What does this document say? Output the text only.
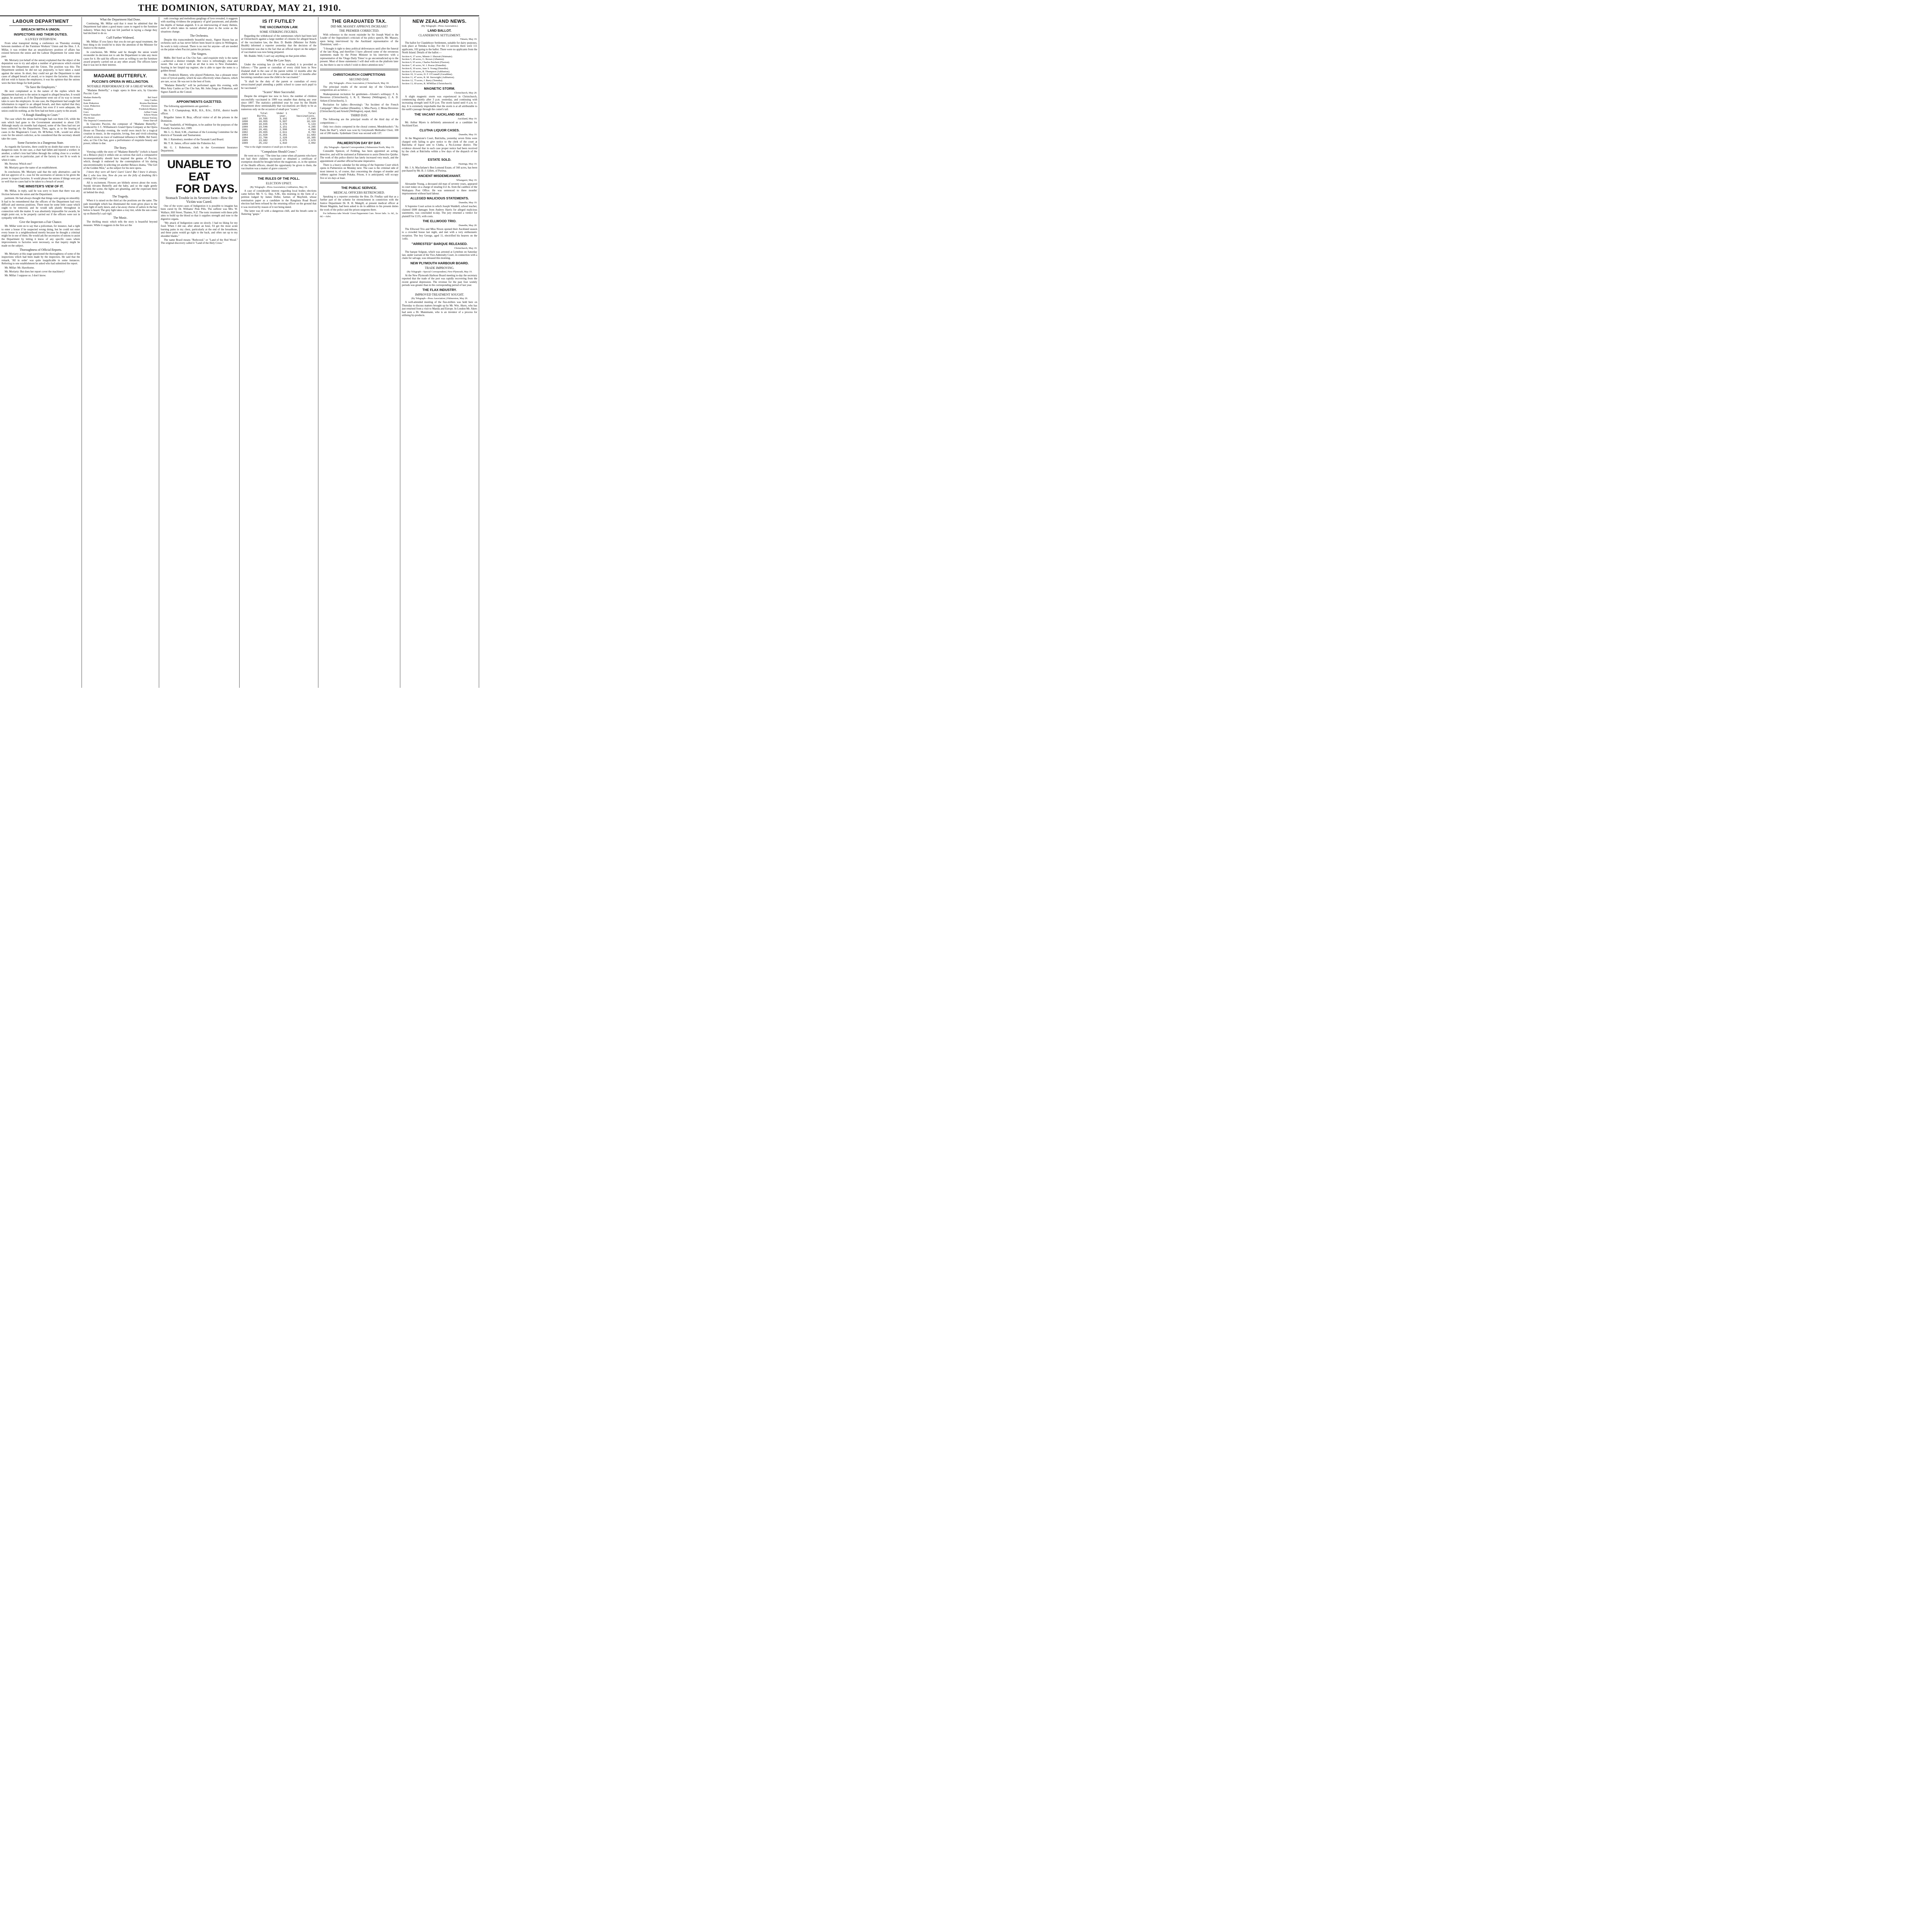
THE DOMINION, SATURDAY, MAY 21, 1910.
LABOUR DEPARTMENT
BREACH WITH A UNION.
INSPECTORS AND THEIR DUTIES.
A LIVELY INTERVIEW.

From what transpired during a conference on Thursday evening between members of the Furniture Workers' Union and the Hon. J. A. Millar, it was evident that an unsatisfactory position of affairs has existed between the union and the Labour Department for some time past.

Mr. Moriarty (on behalf of the union) explained that the object of the deputation was to try and adjust a number of grievances which existed between the Department and the Union. The position was this: The Department seemed, he did not say purposely, to have taken a stand against the union. In short, they could not get the Department to take cases of alleged breach of award, or to inspect the factories. His union did not wish to harass the employers; it was his opinion that the unions were the best things for both parties.

"To Save the Employers."

He next complained as to the nature of the replies which the Department had sent to the union in regard to alleged breaches. It would appear, he asserted, as if the Department went out of its way to invent tales to save the employers. In one case, the Department had sought full information in regard to an alleged breach, and then replied that they considered the evidence insufficient; but even if it were adequate, the union could do nothing, as the firm had not been a party to the award.

"A Rough Handling in Court."

The case which the union had brought had cost them £16, while the sum which had gone to the Government amounted to about £20. Although nearly six months had elapsed, some of the fines had not yet been collected by the Department. Then, again, as to the hearing of cases in the Magistrate's Court, Dr. M'Arthur, S.M., would not allow costs for the union's solicitor, as he considered that the secretary should take the cases.

Some Factories in a Dangerous State.

As regards the factories, there could be no doubt that some were in a dangerous state. In one case, a chair had fallen and injured a worker; in another, a rafter's iron had fallen through the ceiling close to a worker; and in one case in particular, part of the factory is not fit to work in when it rains.

Mr. Newton: Which one?

Mr. Moriarty gave the name of an establishment.

In conclusion, Mr. Moriarty said that the only alternative—and he did not approve of it—was for the secretaries of unions to be given the power to inspect factories. It would please the unions if things were put so well that no cases had to be taken to a breach of award.

THE MINISTER'S VIEW OF IT.

Mr. Millar, in reply, said he was sorry to learn that there was any friction between the union and the Department.

partment. He had always thought that things were going on smoothly. It had to be remembered that the officers of the Department had very difficult and onerous positions. There must be some little cause which ought to be removed, and he would talk plainly throughout in connection with the matter. It was absolutely impossible for awards, he might point out, to be properly carried out if the officers were not in sympathy with them.

Give the Inspectors a Fair Chance.

Mr. Millar went on to say that a policeman, for instance, had a right to enter a house if he suspected wrong doing, but he could not enter every house in a neighbourhood merely because he thought a criminal might be in one of them. He would ask the secretaries of unions to assist the Department by letting it know of any specific cases where improvements to factories were necessary, so that inquiry might be made on the subject.

Thoroughness of Official Reports.

Mr. Moriarty at this stage questioned the thoroughness of some of the inspections which had been made by the inspectors. He said that the remark, 'All in order' was quite inapplicable in some instances. Referring to one establishment he asked who had submitted the report.

Mr. Millar: Mr. Hawthorne.

Mr. Moriarty: But does her report cover the machinery?

Mr. Millar: I suppose so. I don't know.

What the Department Had Done.

Continuing, Mr. Millar said that it must be admitted that the Department had taken a good many cases to regard to the furniture industry. When they had not felt justified in laying a charge they had declined to do so.

Cuff Further Widened.

Mr. Millar: If you fancy that you do not get equal treatment, the best thing to do would be to draw the attention of the Minister for Justice to the matter.

In conclusion, Mr. Millar said he thought the union would reconsider its decision not to ask the Department to take any more cases for it. He said his officers were as willing to see the furniture award properly carried out as any other award. The officers knew that it was not in their interest.

MADAME BUTTERFLY.
PUCCINI'S OPERA IN WELLINGTON.
NOTABLE PERFORMANCE OF A GREAT WORK.

"Madame Butterfly," a tragic opera in three acts, by Giacomo Puccini. Cast:

Madam Butterfly	Bel Sorel
Suzuki	Amy Castles
Kate Pinkerton	Rosina Buckman
Lieut. Pinkerton	Florence Quinn
Sharpless	Frederick Blamey
Goro	Arthur Crane
Prince Yamadori	Edwin Wynn
The Bonze	Ernest Torrens
The Imperial Commissioner	Orme Darvall

In Giacomo Puccini, the composer of "Madame Butterfly," produced by J. C. Williamson's Grand Opera Company at the Opera House on Thursday evening, the world owes much for a tragical creation in music, in the exquisite, loving, free and vivid colouring of which exists no trace of traditional influence to Mdlle. Bel Sorel, who, as Cho Cho San, gave a performance of exquisite beauty and power, tribute is due.

The Story.

Viewing coldly the story of "Madame Butterfly" (which is based on a Belasco play) it strikes one as curious that such a comparative inconsequentiality should have inspired the genius of Puccini, which, though it endorsed by the contemplation of his daring unconventionality in selecting yet another Belasco drama, "The Girl of the Golden West," as the subject for his next opera.

I knew they were all liars! Liars! Liars! But I knew it always; But I, who love him, Now do you see the folly of doubting He's coming! He's coming!

All is excitement. Flowers are blithely strewn about the room. Suzuki titivates Butterfly and the baby, and so the night gently enfolds the scene, the lights are gleaming, and the expectant three sit behind the shoji.

The Tragedy.

When it is raised on the third act the positions are the same. The pale moonlight which has illuminated the room gives place to the faint light of early dawn, and a far-away chorus of sailors in the bay below is heard. The grey light takes a rosy tint, while the sun comes up on Butterfly's sad vigil.

The Music.

The thrilling music which tells the story is beautiful beyond measure. While it suggests in the first act the

roth crowings and melodious gurglings of love revealed, it suggests with startling vividness the poignancy of grief paramount, and plumbs the depths of human anguish. It is an interweaving of many themes, each of which takes its natural allotted place in the scene as the situations change.

The Orchestra.

Despite this transcendently beautiful music, Signor Hazon has an orchestra such as has never before been heard in opera in Wellington. Its work is truly colossal. There is no rest for anyone—all are needed on the palate when Puccini paints his pictures.

The Singers.

Mdlle. Bel Sorel as Cho Cho San—and exquisite truly is the name—achieved a distinct triumph. Her voice is refreshingly clear and sweet. She can use it with an art that is new to New Zealanders. Soaring in her limpid top register, she is able to taper the notes to a golden thread.

Mr. Frederick Blamey, who played Pinkerton, has a pleasant tenor voice of lyrical quality, which he uses effectively when chances, which are rare, occur. He was not in the best of form.

"Madame Butterfly" will be performed again this evening, with Miss Amy Castles as Cho Cho San, Mr. John Zerga as Pinkerton, and Signor Zanelli as the Consul.

APPOINTMENTS GAZETTED.

The following appointments are gazetted:—

Mr. S. T. Champtaloup, M.B., B.S., B.Sc., D.P.H., district health officer.

Brigadier James H. Bray, official visitor of all the prisons in the Dominion.

Paul Vanderbilt, of Wellington, to be auditor for the purposes of the Friendly Societies Act, 1909.

Mr. L. G. Reid, S.M., chairman of the Licensing Committee for the districts of Taranaki and Taumarunui.

Mr. J. Rattenbury, member of the Taranaki Land Board.

Mr. T. H. James, officer under the Fisheries Act.

Mr. G. J. Robertson, clerk in the Government Insurance Department.

UNABLE TO EAT
FOR DAYS.
Stomach Trouble in its Severest form—How the Victim was Cured.

One of the worst cases of Indigestion it is possible to imagine has been cured by Dr. Williams' Pink Pills. The sufferer was Mrs. W. Wallace, Hill Street, Thames, N.Z. The tonic treatment with these pills aims to build up the blood so that it supplies strength and tone to the digestive organs.

"My attack of Indigestion came on slowly. I had no liking for my food. When I did eat, after about an hour, I'd get the most acute burning pains in my chest, particularly at the end of the breastbone, and these pains would go right to the back, and often ran up to my shoulder blades."

The name Brazil means "Redwood," or "Land of the Red Wood." The original discovery called it "Land of the Holy Cross."

IS IT FUTILE?
THE VACCINATION LAW.
SOME STRIKING FIGURES.

Regarding the withdrawal of the summonses which had been laid at Christchurch against a large number of citizens for alleged breach of the vaccination law, the Hon. D. Buddo (Minister for Public Health) informed a reporter yesterday that the decision of the Government was due to the fact that an official report on the subject of vaccination was now being prepared.

Mr. Buddo: Well, I can't say anything on that point either.

What the Law Says.

Under the existing law (it will be recalled) it is provided as follows:—"The parent or custodian of every child born in New Zealand shall in the case of the parent within 12 months after the child's birth and in the case of the custodian within 12 months after becoming custodian cause the child to be vaccinated."

"It shall be the duty of the parent or custodian of every unvaccinated pupil attending a public school to cause such pupil to be vaccinated."

"Scares" More Successful.

Despite the stringent law now in force, the number of children successfully vaccinated in 1909 was smaller than during any year since 1897. The statistics published year by year by the Health Department show unmistakably that vaccinations are likely to be as numerous only on the occasion of small-pox "scares."

	Total Births.	Under 1 year.	Total Vaccinations.
1897	18,595	3,102	17,640
1898	18,955	5,507	10,320
1899	18,835	3,379	5,133
1900	19,546	3,151	4,265
1901	20,491	2,508	4,068
1902	20,655	2,611	8,763
1903	21,828	5,261	11,683
1904	22,766	2,328	18,305
1905	23,682	2,075	2,678
1909	25,232	1,810	3,802

*Due to the slight visitation of small-pox in these years.

"Compulsion Should Cease."

He went on to say: "The time has come when all parents who have not had their children vaccinated or obtained a certificate of exemption should be brought before the magistrate, or, in the opinion of the Health officers, should the opportunity be given to them, the vaccination was a matter of grave concern."

THE RULES OF THE POLL.
ELECTION UPSET.
(By Telegraph—Press Association.) Ashburton, May 19.

A case of considerable interest regarding local bodies elections came before Mr. V. G. Day, S.M., this morning in the form of a petition lodged by James Deller, farmer, of Mayfield, whose nomination paper as a candidate in the Rangitata Road Board election had been refused by the returning officer on the ground that it was received by reason of it not being dated.

The latter was ill with a dangerous chill, and his breath came in fluttering "gasps."

THE GRADUATED TAX.
DID MR. MASSEY APPROVE INCREASE?
THE PREMIER CORRECTED.

With reference to the recent rejoinder by Sir Joseph Ward to the Leader of the Opposition's criticism of his policy speech, Mr. Massey, upon being interviewed by the Auckland representative of the 'Dominion,' said:—

"I thought it right to deny political deliverances until after the funeral of the late King, and therefore I have allowed some of the erroneous statements made by the Prime Minister in his interview with a representative of the 'Otago Daily Times' to go uncontradicted up to the present. Most of these statements I will deal with on the platform later on, but there is one to which I wish to direct attention now."

CHRISTCHURCH COMPETITIONS
SECOND DAY.
(By Telegraph—Press Association.) Christchurch, May 18.

The principal results of the second day of the Christchurch competition are as below:—

Shakespearean recitation for gentlemen—Gloster's soliloquy: F. A. Devereux (Christchurch), 1; K. E. Sheeney (Wellington), 2; A. D. Aitken (Christchurch), 3.

Recitation for ladies—Browning's "An Incident of the French Campaign": Miss Gardner (Dunedin), 1; Miss Pacey, 2; Mona Devereux (Christchurch) and Arnold (Wellington), equal, third.

THIRD DAY.

The following are the principal results of the third day of the competitions:—

Only two choirs competed in the choral contest, Mendelssohn's "As Pants the Hart"), which was won by Greymouth Methodist Choir, 108 out of 200 marks. Sydenham Choir was second with 137.

PALMERSTON DAY BY DAY.
(By Telegraph—Special Correspondent.) Palmerston North, May 19.

Constable Spencer, of Feilding, has been appointed an acting-detective, and will be stationed at Palmerston to assist Detective Quirke. The work of this police district has lately increased very much, and the appointment of another official became imperative.

There is a heavy calendar for the sitting of the Supreme Court which opens in Palmerston on Monday next. The case is the criminal side of most interest is, of course, that concerning the charges of murder and robbery against Joseph Pokaka. Prison, it is anticipated, will occupy five or six days at least.

THE PUBLIC SERVICE.
MEDICAL OFFICERS RETRENCHED.

Speaking to a reporter yesterday the Hon. Dr. Findlay said that as a further part of the scheme for retrenchment in connection with the Justice Department Dr. R. H. Makgill, at present medical officer at Mount Magdala, had been asked to do in addition to his present duties the work of the police and the prison surgeons there.

For Influenza take Woods' Great Peppermint Cure. Never fails. 1s. 6d., 2s. 6d.—Advt.

NEW ZEALAND NEWS.
(By Telegraph—Press Association.)
LAND BALLOT.
CLANDEBOYE SETTLEMENT.
Timaru, May 19.

The ballot for Clandeboye Settlement, suitable for dairy purposes, took place at Temuka to-day. For the 13 sections there were 111 applicants, 102 going to the ballot. There were no applicants from the North Island. Details of the ballot:—

Section 4, 37 acres, Minnie J. Sherratt (Waimate).
Section 5, 49 acres, G. Brown (Allanton).
Section 6, 95 acres, Charles Paichett (Flaxton).
Section 7, 43 acres, W. J. Pearse (Dunedin).
Section 8, 30 acres, Jane S. Young (Dunedin).
Section 9, 60 acres, R. Thompson (Ashburton).
Section 10, 31 acres, D. F. O'Connell (Geraldine).
Section 11, 47 acres, R. M. Sterwright (Ashburton).
Section 12, 75 acres, J. Barry (Temuka).
Section 13, 69 acres, R. M'Millan (Christchurch).
MAGNETIC STORM.
Christchurch, May 20.

A slight magnetic storm was experienced in Christchurch, commencing shortly after 3 p.m. yesterday, and continuing with increasing strength until 8.20 p.m. The storm lasted until 4 a.m. to-day. It is extremely improbable that the storm is at all attributable to the earth's passage through the comet's tail.

THE VACANT AUCKLAND SEAT.
Auckland, May 19.

Mr. Arthur Myers is definitely announced as a candidate for Auckland East.

CLUTHA LIQUOR CASES.
Dunedin, May 19.

At the Magistrate's Court, Balclutha, yesterday seven firms were charged with failing to give notice to the clerk of the court at Balclutha of liquor sent to Clutha, a No-License district. The evidence showed that in each case proper notice had been received by the clerk at Balclutha within a few days of the dispatch of the liquor.

ESTATE SOLD.
Hastings, May 19.

Mr. J. A. Macfarlane's Ben Lomond Estate, of 560 acres, has been purchased by Mr. B. J. Gillett, of Porirua.

ANCIENT MISDEMEANANT.
Whangarei, May 19.

Alexander Young, a deceased old man of seventy years, appeared in court today on a charge of stealing £12 4s. from the cashbox of the Waikapara Post Office. He was sentenced to three months' imprisonment without hard labour.

ALLEGED MALICIOUS STATEMENTS.
Dunedin, May 19.

A Supreme Court action in which Joseph Waddell, school teacher, claimed £600 damages from Andrew Harris for alleged malicious statements, was concluded to-day. The jury returned a verdict for plaintiff for £135, with costs.

THE ELLWOOD TRIO.
Dunedin, May 20.

The Ellwood Trio and Miss Nixon opened their Auckland season to a crowded house last night, and met with a very enthusiastic reception. The boy George, aged 11, electrified his hearers on the 'cello.

"ARRESTED" BARQUE RELEASED.
Christchurch, May 19.

The barque Solgran, which was arrested at Lyttelton on Saturday last, under warrant of the Vice-Admiralty Court, in connection with a claim for salvage, was released this morning.

NEW PLYMOUTH HARBOUR BOARD.
TRADE IMPROVING.
(By Telegraph—Special Correspondent.) New Plymouth, May 19.

At the New Plymouth Harbour Board meeting to-day the secretary reported that the trade of the port was rapidly recovering from the recent general depression. The revenue for the past four weekly periods was greater than in the corresponding period of last year.

THE FLAX INDUSTRY.
IMPROVED TREATMENT SOUGHT.
(By Telegraph—Press Association.) Palmerston, May 20.

A well-attended meeting of the flax-millers was held here on Thursday to discuss matters brought up by Mr. Wm. Akers, who has just returned from a visit to Manila and Europe. In London Mr. Akers had seen a Dr. Mannmann, who is an inventor of a process for utilising by-products.
